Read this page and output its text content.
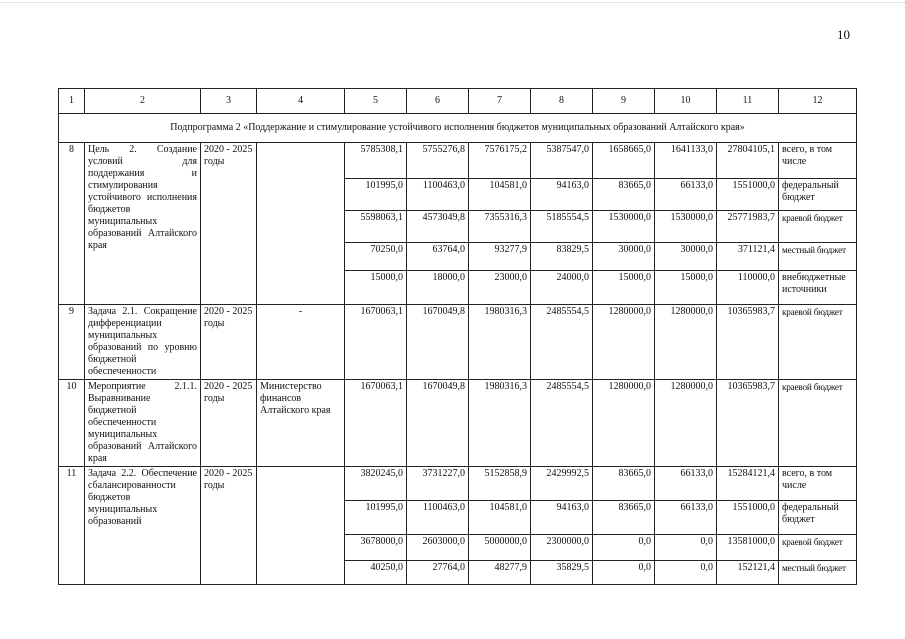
10
1	2	3	4	5	6	7	8	9	10	11	12
Подпрограмма 2 «Поддержание и стимулирование устойчивого исполнения бюджетов муниципальных образований Алтайского края»											
8	Цель 2. Создание условий для поддержания и стимулирования устойчивого исполнения бюджетов муниципальных образований Алтайского края	2020 - 2025 годы		5785308,1	5755276,8	7576175,2	5387547,0	1658665,0	1641133,0	27804105,1	всего, в том числе
				101995,0	1100463,0	104581,0	94163,0	83665,0	66133,0	1551000,0	федеральный бюджет
				5598063,1	4573049,8	7355316,3	5185554,5	1530000,0	1530000,0	25771983,7	краевой бюджет
				70250,0	63764,0	93277,9	83829,5	30000,0	30000,0	371121,4	местный бюджет
				15000,0	18000,0	23000,0	24000,0	15000,0	15000,0	110000,0	внебюджетные источники
9	Задача 2.1. Сокращение дифференциации муниципальных образований по уровню бюджетной обеспеченности	2020 - 2025 годы	-	1670063,1	1670049,8	1980316,3	2485554,5	1280000,0	1280000,0	10365983,7	краевой бюджет
10	Мероприятие 2.1.1. Выравнивание бюджетной обеспеченности муниципальных образований Алтайского края	2020 - 2025 годы	Министерство финансов Алтайского края	1670063,1	1670049,8	1980316,3	2485554,5	1280000,0	1280000,0	10365983,7	краевой бюджет
11	Задача 2.2. Обеспечение сбалансированности бюджетов муниципальных образований	2020 - 2025 годы		3820245,0	3731227,0	5152858,9	2429992,5	83665,0	66133,0	15284121,4	всего, в том числе
				101995,0	1100463,0	104581,0	94163,0	83665,0	66133,0	1551000,0	федеральный бюджет
				3678000,0	2603000,0	5000000,0	2300000,0	0,0	0,0	13581000,0	краевой бюджет
				40250,0	27764,0	48277,9	35829,5	0,0	0,0	152121,4	местный бюджет
